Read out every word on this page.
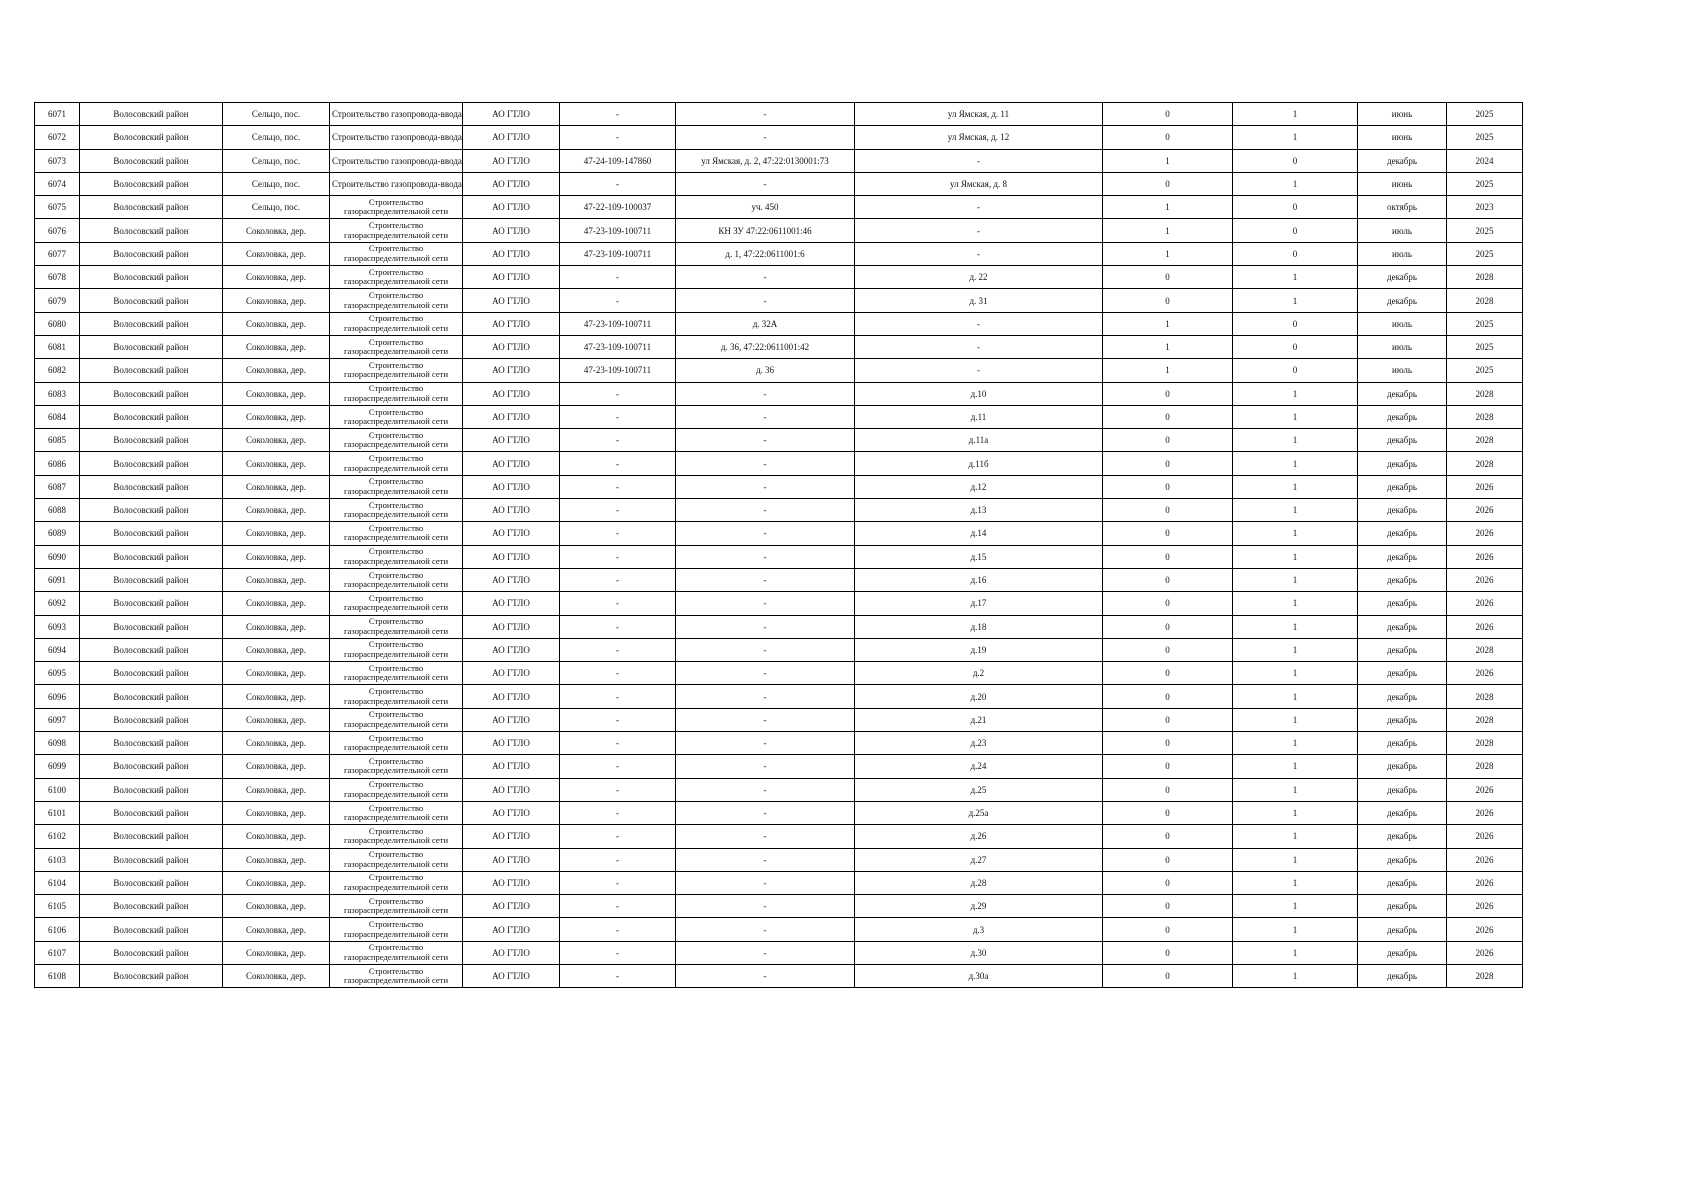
6071	Волосовский район	Сельцо, пос.	Строительство газопровода-ввода	АО ГТЛО	-	-	ул Ямская, д. 11	0	1	июнь	2025
6072	Волосовский район	Сельцо, пос.	Строительство газопровода-ввода	АО ГТЛО	-	-	ул Ямская, д. 12	0	1	июнь	2025
6073	Волосовский район	Сельцо, пос.	Строительство газопровода-ввода	АО ГТЛО	47-24-109-147860	ул Ямская, д. 2, 47:22:0130001:73	-	1	0	декабрь	2024
6074	Волосовский район	Сельцо, пос.	Строительство газопровода-ввода	АО ГТЛО	-	-	ул Ямская, д. 8	0	1	июнь	2025
6075	Волосовский район	Сельцо, пос.	Строительство газораспределительной сети	АО ГТЛО	47-22-109-100037	уч. 450	-	1	0	октябрь	2023
6076	Волосовский район	Соколовка, дер.	Строительство газораспределительной сети	АО ГТЛО	47-23-109-100711	КН ЗУ 47:22:0611001:46	-	1	0	июль	2025
6077	Волосовский район	Соколовка, дер.	Строительство газораспределительной сети	АО ГТЛО	47-23-109-100711	д. 1, 47:22:0611001:6	-	1	0	июль	2025
6078	Волосовский район	Соколовка, дер.	Строительство газораспределительной сети	АО ГТЛО	-	-	д. 22	0	1	декабрь	2028
6079	Волосовский район	Соколовка, дер.	Строительство газораспределительной сети	АО ГТЛО	-	-	д. 31	0	1	декабрь	2028
6080	Волосовский район	Соколовка, дер.	Строительство газораспределительной сети	АО ГТЛО	47-23-109-100711	д. 32А	-	1	0	июль	2025
6081	Волосовский район	Соколовка, дер.	Строительство газораспределительной сети	АО ГТЛО	47-23-109-100711	д. 36, 47:22:0611001:42	-	1	0	июль	2025
6082	Волосовский район	Соколовка, дер.	Строительство газораспределительной сети	АО ГТЛО	47-23-109-100711	д. 36	-	1	0	июль	2025
6083	Волосовский район	Соколовка, дер.	Строительство газораспределительной сети	АО ГТЛО	-	-	д.10	0	1	декабрь	2028
6084	Волосовский район	Соколовка, дер.	Строительство газораспределительной сети	АО ГТЛО	-	-	д.11	0	1	декабрь	2028
6085	Волосовский район	Соколовка, дер.	Строительство газораспределительной сети	АО ГТЛО	-	-	д.11а	0	1	декабрь	2028
6086	Волосовский район	Соколовка, дер.	Строительство газораспределительной сети	АО ГТЛО	-	-	д.11б	0	1	декабрь	2028
6087	Волосовский район	Соколовка, дер.	Строительство газораспределительной сети	АО ГТЛО	-	-	д.12	0	1	декабрь	2026
6088	Волосовский район	Соколовка, дер.	Строительство газораспределительной сети	АО ГТЛО	-	-	д.13	0	1	декабрь	2026
6089	Волосовский район	Соколовка, дер.	Строительство газораспределительной сети	АО ГТЛО	-	-	д.14	0	1	декабрь	2026
6090	Волосовский район	Соколовка, дер.	Строительство газораспределительной сети	АО ГТЛО	-	-	д.15	0	1	декабрь	2026
6091	Волосовский район	Соколовка, дер.	Строительство газораспределительной сети	АО ГТЛО	-	-	д.16	0	1	декабрь	2026
6092	Волосовский район	Соколовка, дер.	Строительство газораспределительной сети	АО ГТЛО	-	-	д.17	0	1	декабрь	2026
6093	Волосовский район	Соколовка, дер.	Строительство газораспределительной сети	АО ГТЛО	-	-	д.18	0	1	декабрь	2026
6094	Волосовский район	Соколовка, дер.	Строительство газораспределительной сети	АО ГТЛО	-	-	д.19	0	1	декабрь	2028
6095	Волосовский район	Соколовка, дер.	Строительство газораспределительной сети	АО ГТЛО	-	-	д.2	0	1	декабрь	2026
6096	Волосовский район	Соколовка, дер.	Строительство газораспределительной сети	АО ГТЛО	-	-	д.20	0	1	декабрь	2028
6097	Волосовский район	Соколовка, дер.	Строительство газораспределительной сети	АО ГТЛО	-	-	д.21	0	1	декабрь	2028
6098	Волосовский район	Соколовка, дер.	Строительство газораспределительной сети	АО ГТЛО	-	-	д.23	0	1	декабрь	2028
6099	Волосовский район	Соколовка, дер.	Строительство газораспределительной сети	АО ГТЛО	-	-	д.24	0	1	декабрь	2028
6100	Волосовский район	Соколовка, дер.	Строительство газораспределительной сети	АО ГТЛО	-	-	д.25	0	1	декабрь	2026
6101	Волосовский район	Соколовка, дер.	Строительство газораспределительной сети	АО ГТЛО	-	-	д.25а	0	1	декабрь	2026
6102	Волосовский район	Соколовка, дер.	Строительство газораспределительной сети	АО ГТЛО	-	-	д.26	0	1	декабрь	2026
6103	Волосовский район	Соколовка, дер.	Строительство газораспределительной сети	АО ГТЛО	-	-	д.27	0	1	декабрь	2026
6104	Волосовский район	Соколовка, дер.	Строительство газораспределительной сети	АО ГТЛО	-	-	д.28	0	1	декабрь	2026
6105	Волосовский район	Соколовка, дер.	Строительство газораспределительной сети	АО ГТЛО	-	-	д.29	0	1	декабрь	2026
6106	Волосовский район	Соколовка, дер.	Строительство газораспределительной сети	АО ГТЛО	-	-	д.3	0	1	декабрь	2026
6107	Волосовский район	Соколовка, дер.	Строительство газораспределительной сети	АО ГТЛО	-	-	д.30	0	1	декабрь	2026
6108	Волосовский район	Соколовка, дер.	Строительство газораспределительной сети	АО ГТЛО	-	-	д.30а	0	1	декабрь	2028
